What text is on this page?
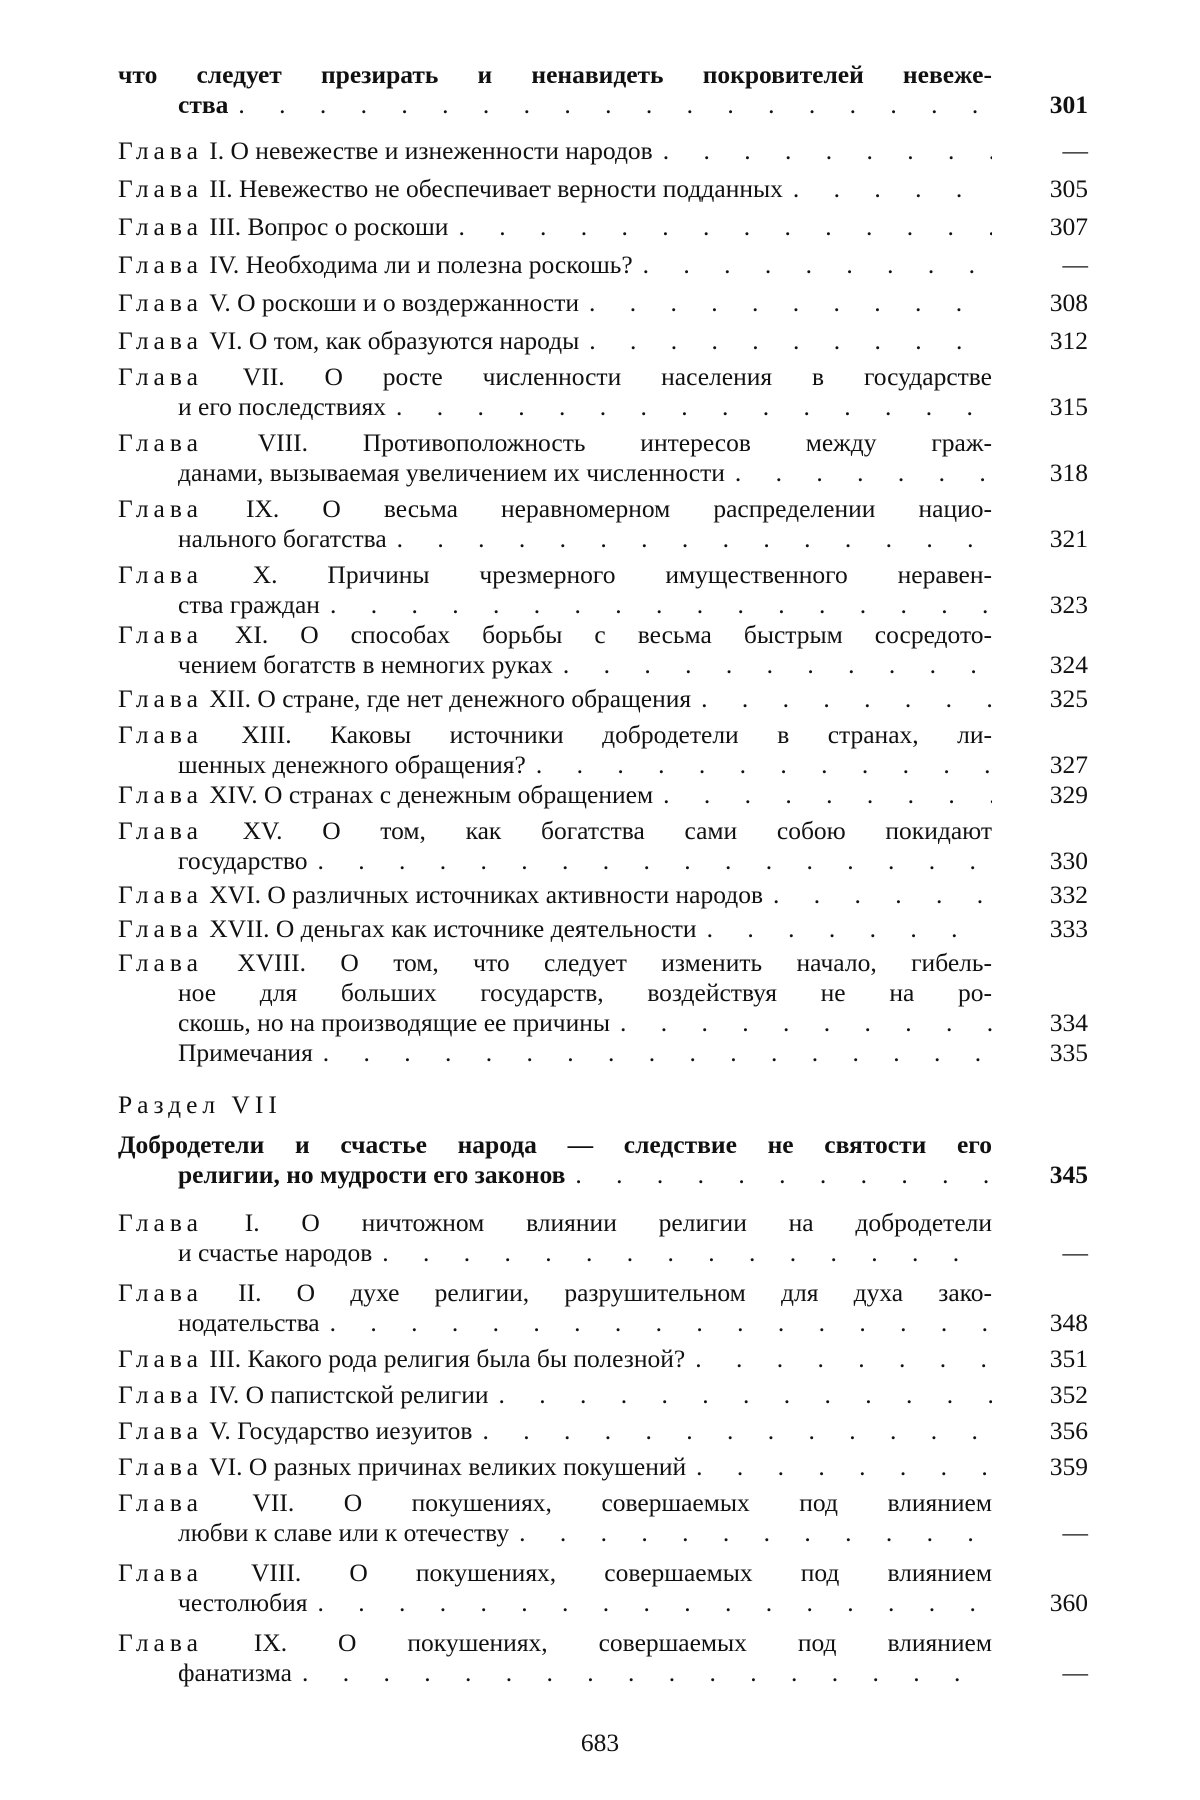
что следует презирать и ненавидеть покровителей невеже-
ства . . .	301
Глава I. О невежестве и изнеженности народов . . .	—
Глава II. Невежество не обеспечивает верности подданных . . .	305
Глава III. Вопрос о роскоши . . .	307
Глава IV. Необходима ли и полезна роскошь? . . .	—
Глава V. О роскоши и о воздержанности . . .	308
Глава VI. О том, как образуются народы . . .	312
Глава VII. О росте численности населения в государстве
и его последствиях . . .	315
Глава VIII. Противоположность интересов между граж-
данами, вызываемая увеличением их численности . . .	318
Глава IX. О весьма неравномерном распределении нацио-
нального богатства . . .	321
Глава X. Причины чрезмерного имущественного неравен-
ства граждан . . .	323
Глава XI. О способах борьбы с весьма быстрым сосредото-
чением богатств в немногих руках . . .	324
Глава XII. О стране, где нет денежного обращения . . .	325
Глава XIII. Каковы источники добродетели в странах, ли-
шенных денежного обращения? . . .	327
Глава XIV. О странах с денежным обращением . . .	329
Глава XV. О том, как богатства сами собою покидают
государство . . .	330
Глава XVI. О различных источниках активности народов . . .	332
Глава XVII. О деньгах как источнике деятельности . . .	333
Глава XVIII. О том, что следует изменить начало, гибель-
ное для больших государств, воздействуя не на ро-
скошь, но на производящие ее причины . . .	334
Примечания . . .	335
Раздел VII
Добродетели и счастье народа — следствие не святости его
религии, но мудрости его законов . . .	345
Глава I. О ничтожном влиянии религии на добродетели
и счастье народов . . .	—
Глава II. О духе религии, разрушительном для духа зако-
нодательства . . .	348
Глава III. Какого рода религия была бы полезной? . . .	351
Глава IV. О папистской религии . . .	352
Глава V. Государство иезуитов . . .	356
Глава VI. О разных причинах великих покушений . . .	359
Глава VII. О покушениях, совершаемых под влиянием
любви к славе или к отечеству . . .	—
Глава VIII. О покушениях, совершаемых под влиянием
честолюбия . . .	360
Глава IX. О покушениях, совершаемых под влиянием
фанатизма . . .	—
683
